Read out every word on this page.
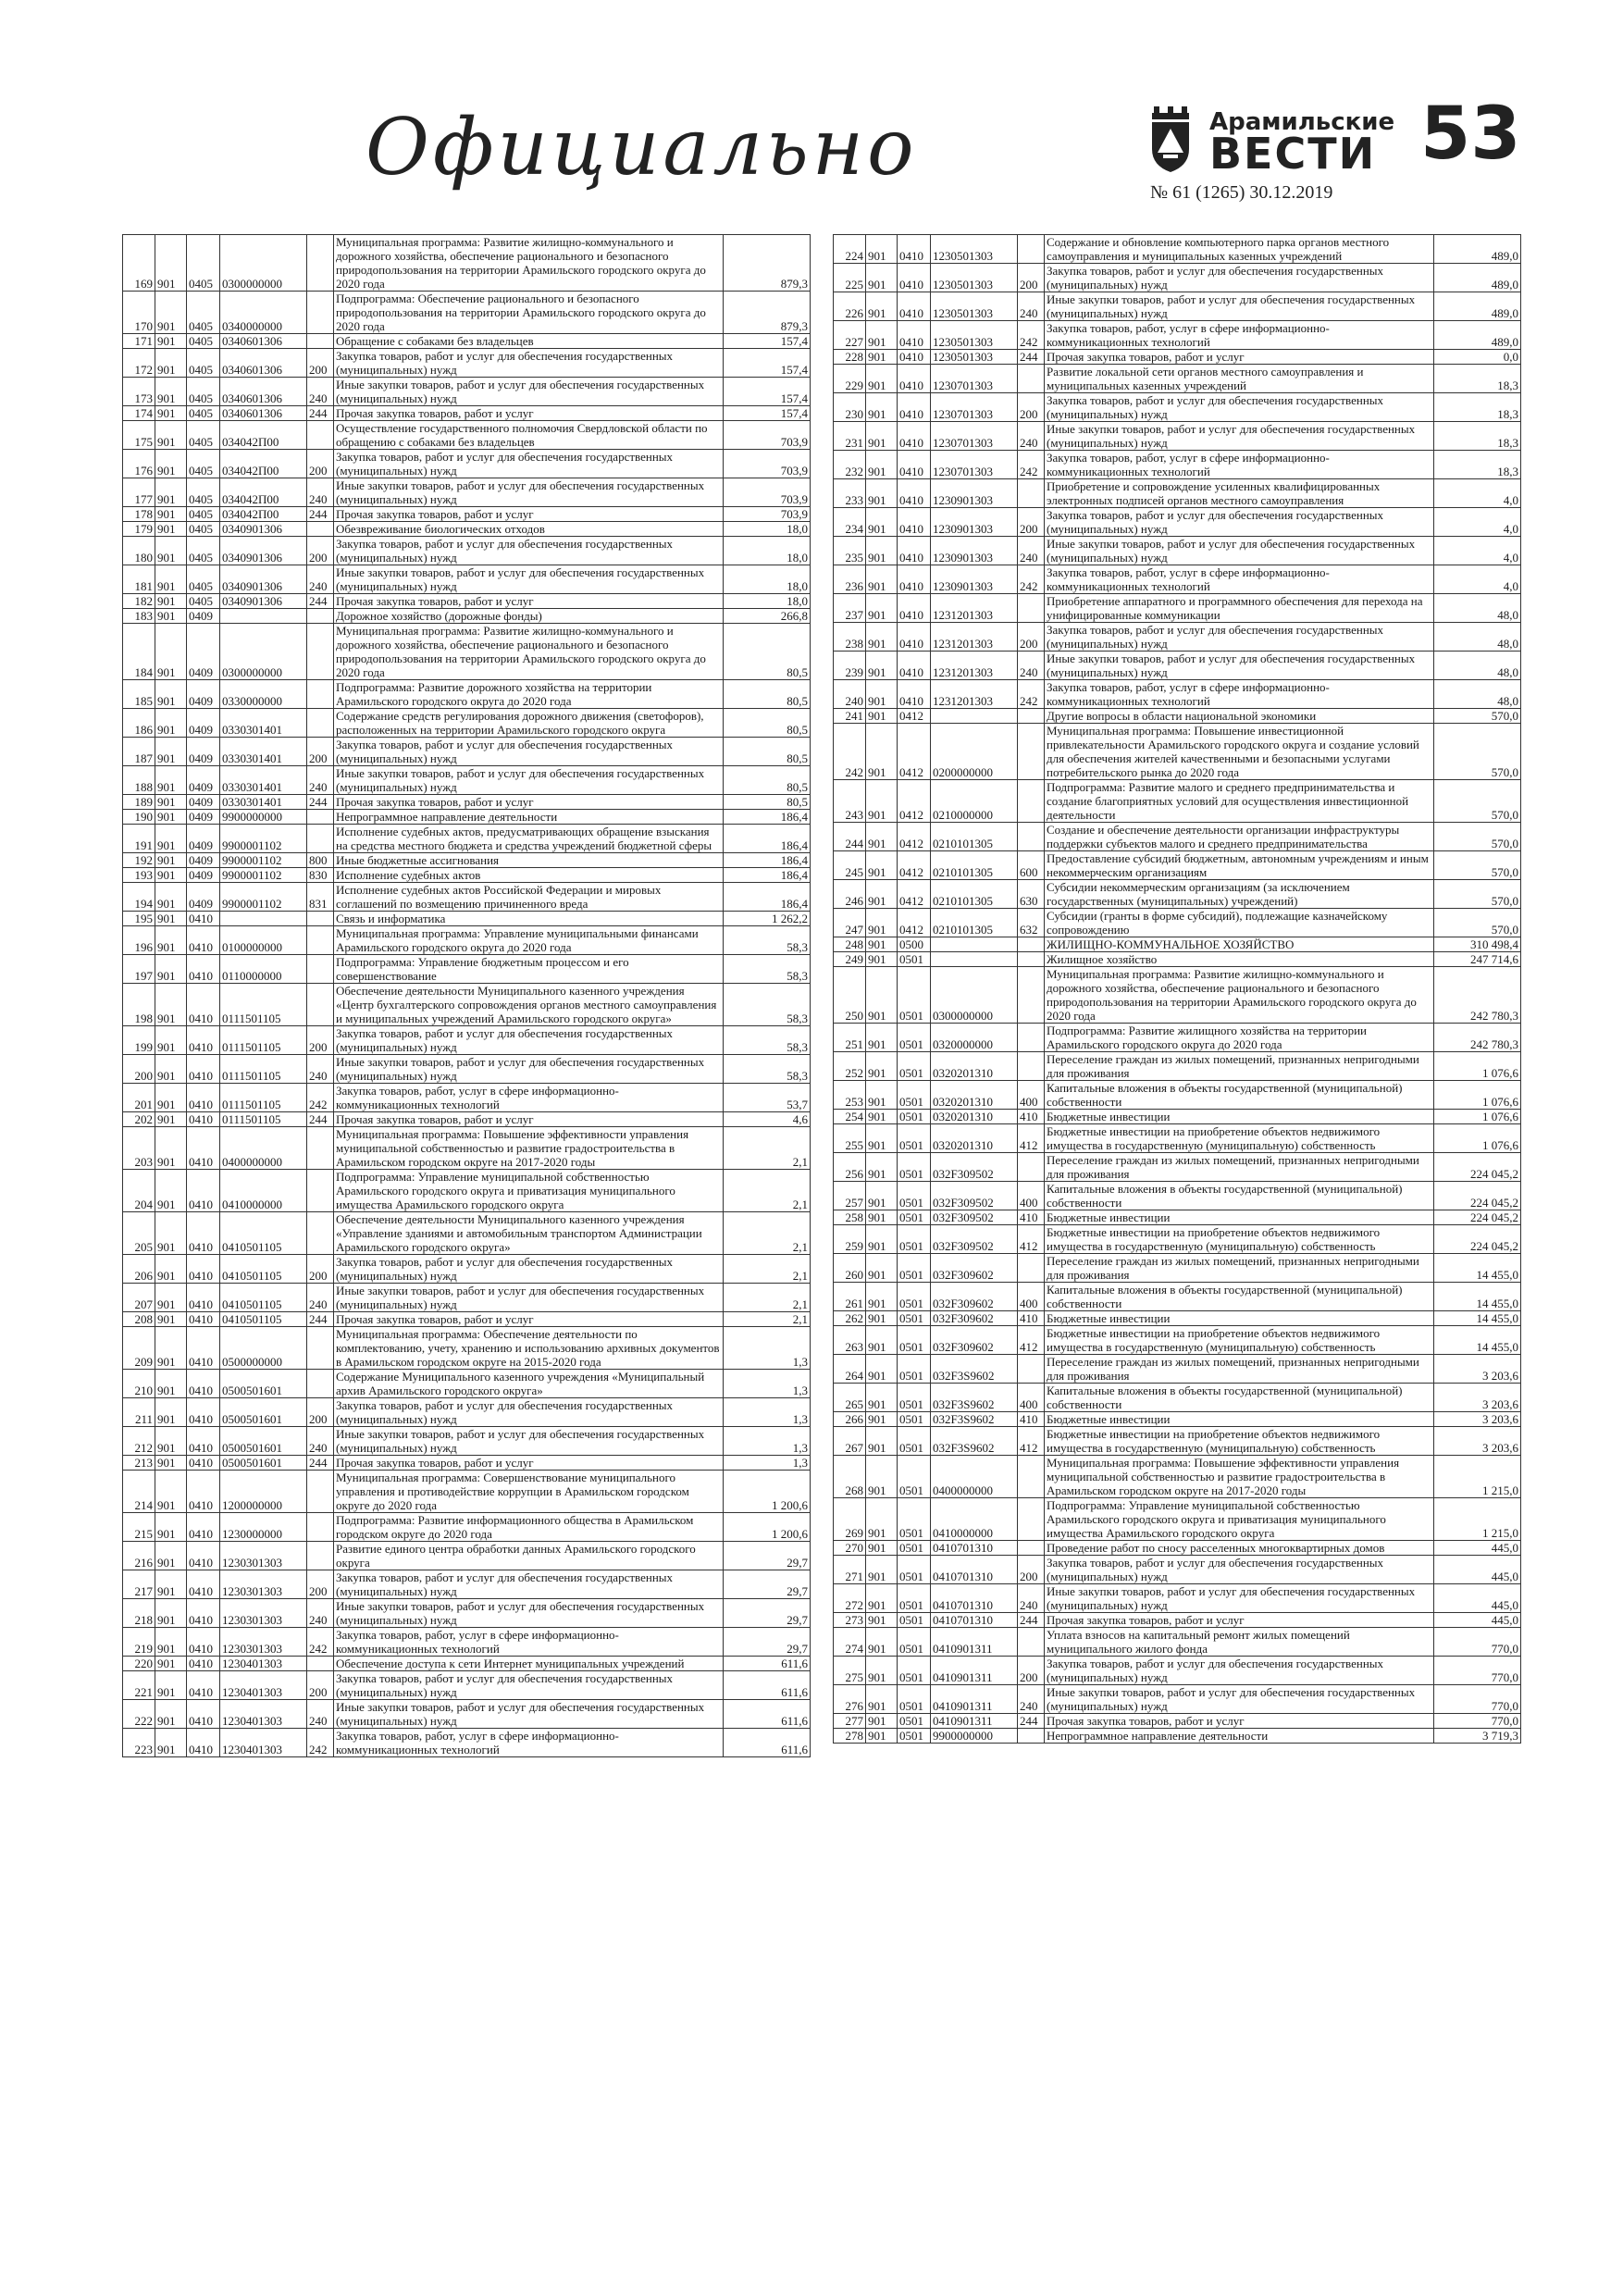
Официально	Арамильские
ВЕСТИ 53
№ 61 (1265) 30.12.2019
169	901	0405	0300000000		Муниципальная программа: Развитие жилищно-коммунального и дорожного хозяйства, обеспечение рационального и безопасного природопользования на территории Арамильского городского округа до 2020 года	879,3
170	901	0405	0340000000		Подпрограмма: Обеспечение рационального и безопасного природопользования на территории Арамильского городского округа до 2020 года	879,3
171	901	0405	0340601306		Обращение с собаками без владельцев	157,4
172	901	0405	0340601306	200	Закупка товаров, работ и услуг для обеспечения государственных (муниципальных) нужд	157,4
173	901	0405	0340601306	240	Иные закупки товаров, работ и услуг для обеспечения государственных (муниципальных) нужд	157,4
174	901	0405	0340601306	244	Прочая закупка товаров, работ и услуг	157,4
175	901	0405	034042П00		Осуществление государственного полномочия Свердловской области по обращению с собаками без владельцев	703,9
176	901	0405	034042П00	200	Закупка товаров, работ и услуг для обеспечения государственных (муниципальных) нужд	703,9
177	901	0405	034042П00	240	Иные закупки товаров, работ и услуг для обеспечения государственных (муниципальных) нужд	703,9
178	901	0405	034042П00	244	Прочая закупка товаров, работ и услуг	703,9
179	901	0405	0340901306		Обезвреживание биологических отходов	18,0
180	901	0405	0340901306	200	Закупка товаров, работ и услуг для обеспечения государственных (муниципальных) нужд	18,0
181	901	0405	0340901306	240	Иные закупки товаров, работ и услуг для обеспечения государственных (муниципальных) нужд	18,0
182	901	0405	0340901306	244	Прочая закупка товаров, работ и услуг	18,0
183	901	0409			Дорожное хозяйство (дорожные фонды)	266,8
184	901	0409	0300000000		Муниципальная программа: Развитие жилищно-коммунального и дорожного хозяйства, обеспечение рационального и безопасного природопользования на территории Арамильского городского округа до 2020 года	80,5
185	901	0409	0330000000		Подпрограмма: Развитие дорожного хозяйства на территории Арамильского городского округа до 2020 года	80,5
186	901	0409	0330301401		Содержание средств регулирования дорожного движения (светофоров), расположенных на территории Арамильского городского округа	80,5
187	901	0409	0330301401	200	Закупка товаров, работ и услуг для обеспечения государственных (муниципальных) нужд	80,5
188	901	0409	0330301401	240	Иные закупки товаров, работ и услуг для обеспечения государственных (муниципальных) нужд	80,5
189	901	0409	0330301401	244	Прочая закупка товаров, работ и услуг	80,5
190	901	0409	9900000000		Непрограммное направление деятельности	186,4
191	901	0409	9900001102		Исполнение судебных актов, предусматривающих обращение взыскания на средства местного бюджета и средства учреждений бюджетной сферы	186,4
192	901	0409	9900001102	800	Иные бюджетные ассигнования	186,4
193	901	0409	9900001102	830	Исполнение судебных актов	186,4
194	901	0409	9900001102	831	Исполнение судебных актов Российской Федерации и мировых соглашений по возмещению причиненного вреда	186,4
195	901	0410			Связь и информатика	1 262,2
196	901	0410	0100000000		Муниципальная программа: Управление муниципальными финансами Арамильского городского округа до 2020 года	58,3
197	901	0410	0110000000		Подпрограмма: Управление бюджетным процессом и его совершенствование	58,3
198	901	0410	0111501105		Обеспечение деятельности Муниципального казенного учреждения «Центр бухгалтерского сопровождения органов местного самоуправления и муниципальных учреждений Арамильского городского округа»	58,3
199	901	0410	0111501105	200	Закупка товаров, работ и услуг для обеспечения государственных (муниципальных) нужд	58,3
200	901	0410	0111501105	240	Иные закупки товаров, работ и услуг для обеспечения государственных (муниципальных) нужд	58,3
201	901	0410	0111501105	242	Закупка товаров, работ, услуг в сфере информационно-коммуникационных технологий	53,7
202	901	0410	0111501105	244	Прочая закупка товаров, работ и услуг	4,6
203	901	0410	0400000000		Муниципальная программа: Повышение эффективности управления муниципальной собственностью и развитие градостроительства в Арамильском городском округе на 2017-2020 годы	2,1
204	901	0410	0410000000		Подпрограмма: Управление муниципальной собственностью Арамильского городского округа и приватизация муниципального имущества Арамильского городского округа	2,1
205	901	0410	0410501105		Обеспечение деятельности Муниципального казенного учреждения «Управление зданиями и автомобильным транспортом Администрации Арамильского городского округа»	2,1
206	901	0410	0410501105	200	Закупка товаров, работ и услуг для обеспечения государственных (муниципальных) нужд	2,1
207	901	0410	0410501105	240	Иные закупки товаров, работ и услуг для обеспечения государственных (муниципальных) нужд	2,1
208	901	0410	0410501105	244	Прочая закупка товаров, работ и услуг	2,1
209	901	0410	0500000000		Муниципальная программа: Обеспечение деятельности по комплектованию, учету, хранению и использованию архивных документов в Арамильском городском округе на 2015-2020 года	1,3
210	901	0410	0500501601		Содержание Муниципального казенного учреждения «Муниципальный архив Арамильского городского округа»	1,3
211	901	0410	0500501601	200	Закупка товаров, работ и услуг для обеспечения государственных (муниципальных) нужд	1,3
212	901	0410	0500501601	240	Иные закупки товаров, работ и услуг для обеспечения государственных (муниципальных) нужд	1,3
213	901	0410	0500501601	244	Прочая закупка товаров, работ и услуг	1,3
214	901	0410	1200000000		Муниципальная программа: Совершенствование муниципального управления и противодействие коррупции в Арамильском городском округе до 2020 года	1 200,6
215	901	0410	1230000000		Подпрограмма: Развитие информационного общества в Арамильском городском округе до 2020 года	1 200,6
216	901	0410	1230301303		Развитие единого центра обработки данных Арамильского городского округа	29,7
217	901	0410	1230301303	200	Закупка товаров, работ и услуг для обеспечения государственных (муниципальных) нужд	29,7
218	901	0410	1230301303	240	Иные закупки товаров, работ и услуг для обеспечения государственных (муниципальных) нужд	29,7
219	901	0410	1230301303	242	Закупка товаров, работ, услуг в сфере информационно-коммуникационных технологий	29,7
220	901	0410	1230401303		Обеспечение доступа к сети Интернет муниципальных учреждений	611,6
221	901	0410	1230401303	200	Закупка товаров, работ и услуг для обеспечения государственных (муниципальных) нужд	611,6
222	901	0410	1230401303	240	Иные закупки товаров, работ и услуг для обеспечения государственных (муниципальных) нужд	611,6
223	901	0410	1230401303	242	Закупка товаров, работ, услуг в сфере информационно-коммуникационных технологий	611,6
224	901	0410	1230501303		Содержание и обновление компьютерного парка органов местного самоуправления и муниципальных казенных учреждений	489,0
225	901	0410	1230501303	200	Закупка товаров, работ и услуг для обеспечения государственных (муниципальных) нужд	489,0
226	901	0410	1230501303	240	Иные закупки товаров, работ и услуг для обеспечения государственных (муниципальных) нужд	489,0
227	901	0410	1230501303	242	Закупка товаров, работ, услуг в сфере информационно-коммуникационных технологий	489,0
228	901	0410	1230501303	244	Прочая закупка товаров, работ и услуг	0,0
229	901	0410	1230701303		Развитие локальной сети органов местного самоуправления и муниципальных казенных учреждений	18,3
230	901	0410	1230701303	200	Закупка товаров, работ и услуг для обеспечения государственных (муниципальных) нужд	18,3
231	901	0410	1230701303	240	Иные закупки товаров, работ и услуг для обеспечения государственных (муниципальных) нужд	18,3
232	901	0410	1230701303	242	Закупка товаров, работ, услуг в сфере информационно-коммуникационных технологий	18,3
233	901	0410	1230901303		Приобретение и сопровождение усиленных квалифицированных электронных подписей органов местного самоуправления	4,0
234	901	0410	1230901303	200	Закупка товаров, работ и услуг для обеспечения государственных (муниципальных) нужд	4,0
235	901	0410	1230901303	240	Иные закупки товаров, работ и услуг для обеспечения государственных (муниципальных) нужд	4,0
236	901	0410	1230901303	242	Закупка товаров, работ, услуг в сфере информационно-коммуникационных технологий	4,0
237	901	0410	1231201303		Приобретение аппаратного и программного обеспечения для перехода на унифицированные коммуникации	48,0
238	901	0410	1231201303	200	Закупка товаров, работ и услуг для обеспечения государственных (муниципальных) нужд	48,0
239	901	0410	1231201303	240	Иные закупки товаров, работ и услуг для обеспечения государственных (муниципальных) нужд	48,0
240	901	0410	1231201303	242	Закупка товаров, работ, услуг в сфере информационно-коммуникационных технологий	48,0
241	901	0412			Другие вопросы в области национальной экономики	570,0
242	901	0412	0200000000		Муниципальная программа: Повышение инвестиционной привлекательности Арамильского городского округа и создание условий для обеспечения жителей качественными и безопасными услугами потребительского рынка до 2020 года	570,0
243	901	0412	0210000000		Подпрограмма: Развитие малого и среднего предпринимательства и создание благоприятных условий для осуществления инвестиционной деятельности	570,0
244	901	0412	0210101305		Создание и обеспечение деятельности организации инфраструктуры поддержки субъектов малого и среднего предпринимательства	570,0
245	901	0412	0210101305	600	Предоставление субсидий бюджетным, автономным учреждениям и иным некоммерческим организациям	570,0
246	901	0412	0210101305	630	Субсидии некоммерческим организациям (за исключением государственных (муниципальных) учреждений)	570,0
247	901	0412	0210101305	632	Субсидии (гранты в форме субсидий), подлежащие казначейскому сопровождению	570,0
248	901	0500			ЖИЛИЩНО-КОММУНАЛЬНОЕ ХОЗЯЙСТВО	310 498,4
249	901	0501			Жилищное хозяйство	247 714,6
250	901	0501	0300000000		Муниципальная программа: Развитие жилищно-коммунального и дорожного хозяйства, обеспечение рационального и безопасного природопользования на территории Арамильского городского округа до 2020 года	242 780,3
251	901	0501	0320000000		Подпрограмма: Развитие жилищного хозяйства на территории Арамильского городского округа до 2020 года	242 780,3
252	901	0501	0320201310		Переселение граждан из жилых помещений, признанных непригодными для проживания	1 076,6
253	901	0501	0320201310	400	Капитальные вложения в объекты государственной (муниципальной) собственности	1 076,6
254	901	0501	0320201310	410	Бюджетные инвестиции	1 076,6
255	901	0501	0320201310	412	Бюджетные инвестиции на приобретение объектов недвижимого имущества в государственную (муниципальную) собственность	1 076,6
256	901	0501	032F309502		Переселение граждан из жилых помещений, признанных непригодными для проживания	224 045,2
257	901	0501	032F309502	400	Капитальные вложения в объекты государственной (муниципальной) собственности	224 045,2
258	901	0501	032F309502	410	Бюджетные инвестиции	224 045,2
259	901	0501	032F309502	412	Бюджетные инвестиции на приобретение объектов недвижимого имущества в государственную (муниципальную) собственность	224 045,2
260	901	0501	032F309602		Переселение граждан из жилых помещений, признанных непригодными для проживания	14 455,0
261	901	0501	032F309602	400	Капитальные вложения в объекты государственной (муниципальной) собственности	14 455,0
262	901	0501	032F309602	410	Бюджетные инвестиции	14 455,0
263	901	0501	032F309602	412	Бюджетные инвестиции на приобретение объектов недвижимого имущества в государственную (муниципальную) собственность	14 455,0
264	901	0501	032F3S9602		Переселение граждан из жилых помещений, признанных непригодными для проживания	3 203,6
265	901	0501	032F3S9602	400	Капитальные вложения в объекты государственной (муниципальной) собственности	3 203,6
266	901	0501	032F3S9602	410	Бюджетные инвестиции	3 203,6
267	901	0501	032F3S9602	412	Бюджетные инвестиции на приобретение объектов недвижимого имущества в государственную (муниципальную) собственность	3 203,6
268	901	0501	0400000000		Муниципальная программа: Повышение эффективности управления муниципальной собственностью и развитие градостроительства в Арамильском городском округе на 2017-2020 годы	1 215,0
269	901	0501	0410000000		Подпрограмма: Управление муниципальной собственностью Арамильского городского округа и приватизация муниципального имущества Арамильского городского округа	1 215,0
270	901	0501	0410701310		Проведение работ по сносу расселенных многоквартирных домов	445,0
271	901	0501	0410701310	200	Закупка товаров, работ и услуг для обеспечения государственных (муниципальных) нужд	445,0
272	901	0501	0410701310	240	Иные закупки товаров, работ и услуг для обеспечения государственных (муниципальных) нужд	445,0
273	901	0501	0410701310	244	Прочая закупка товаров, работ и услуг	445,0
274	901	0501	0410901311		Уплата взносов на капитальный ремонт жилых помещений муниципального жилого фонда	770,0
275	901	0501	0410901311	200	Закупка товаров, работ и услуг для обеспечения государственных (муниципальных) нужд	770,0
276	901	0501	0410901311	240	Иные закупки товаров, работ и услуг для обеспечения государственных (муниципальных) нужд	770,0
277	901	0501	0410901311	244	Прочая закупка товаров, работ и услуг	770,0
278	901	0501	9900000000		Непрограммное направление деятельности	3 719,3
